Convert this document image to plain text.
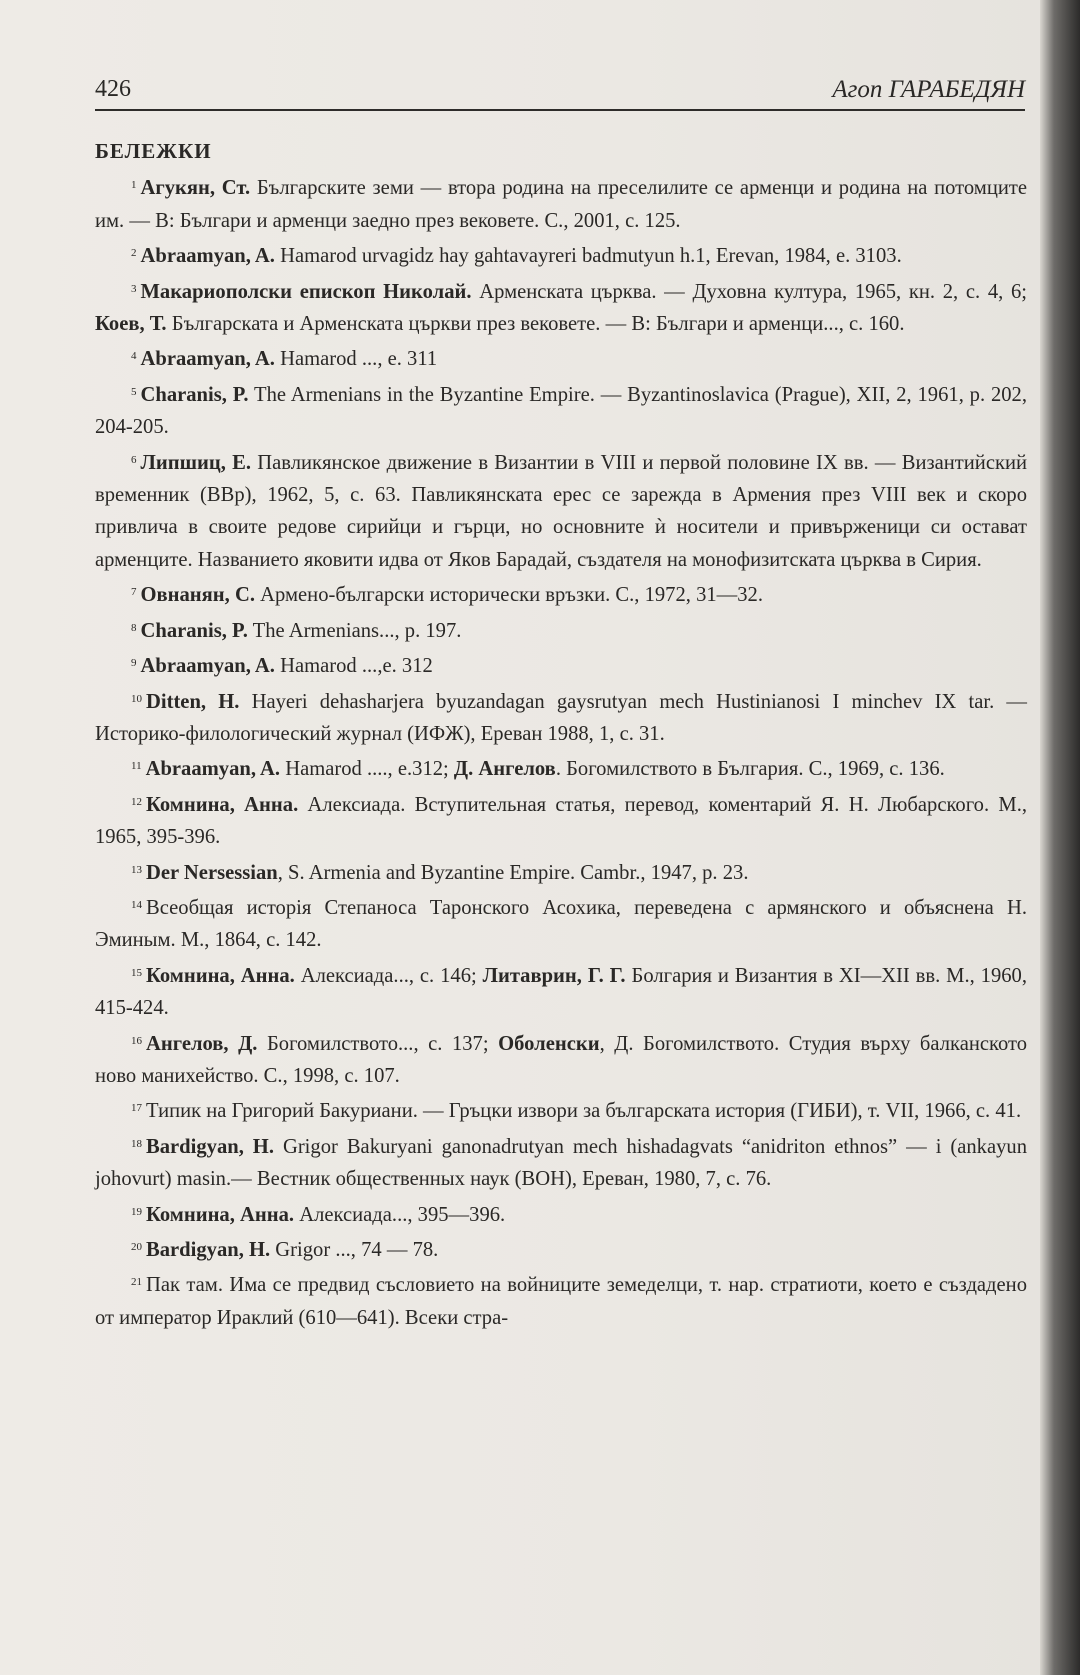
426	Агоп ГАРАБЕДЯН
БЕЛЕЖКИ

$^1$ Агукян, Ст. Българските земи — втора родина на преселилите се арменци и родина на потомците им. — В: Българи и арменци заедно през вековете. С., 2001, с. 125.

$^2$ Abraamyan, A. Hamarod urvagidz hay gahtavayreri badmutyun h.1, Erevan, 1984, e. 3103.

$^3$ Макариополски епископ Николай. Арменската църква. — Духовна култура, 1965, кн. 2, с. 4, 6; Коев, Т. Българската и Арменската църкви през вековете. — В: Българи и арменци..., с. 160.

$^4$ Abraamyan, A. Hamarod ..., e. 311

$^5$ Charanis, P. The Armenians in the Byzantine Empire. — Byzantinoslavica (Prague), XII, 2, 1961, p. 202, 204-205.

$^6$ Липшиц, Е. Павликянское движение в Византии в VIII и первой половине IX вв. — Византийский временник (ВВр), 1962, 5, с. 63. Павликянската ерес се зарежда в Армения през VIII век и скоро привлича в своите редове сирийци и гърци, но основните ѝ носители и привърженици си остават арменците. Названието яковити идва от Яков Барадай, създателя на монофизитската църква в Сирия.

$^7$ Овнанян, С. Армено-български исторически връзки. С., 1972, 31—32.

$^8$ Charanis, P. The Armenians..., p. 197.

$^9$ Abraamyan, A. Hamarod ...,e. 312

$^{10}$ Ditten, H. Hayeri dehasharjera byuzandagan gaysrutyan mech Hustinianosi I minchev IX tar. — Историко-филологический журнал (ИФЖ), Ереван 1988, 1, с. 31.

$^{11}$ Abraamyan, A. Hamarod ...., e.312; Д. Ангелов. Богомилството в България. С., 1969, с. 136.

$^{12}$ Комнина, Анна. Алексиада. Вступительная статья, перевод, коментарий Я. Н. Любарского. М., 1965, 395-396.

$^{13}$ Der Nersessian, S. Armenia and Byzantine Empire. Cambr., 1947, p. 23.

$^{14}$ Всеобщая исторія Степаноса Таронского Асохика, переведена с армянского и объяснена Н. Эминым. М., 1864, с. 142.

$^{15}$ Комнина, Анна. Алексиада..., с. 146; Литаврин, Г. Г. Болгария и Византия в XI—XII вв. М., 1960, 415-424.

$^{16}$ Ангелов, Д. Богомилството..., с. 137; Оболенски, Д. Богомилството. Студия върху балканското ново манихейство. С., 1998, с. 107.

$^{17}$ Типик на Григорий Бакуриани. — Гръцки извори за българската история (ГИБИ), т. VII, 1966, с. 41.

$^{18}$ Bardigyan, H. Grigor Bakuryani ganonadrutyan mech hishadagvats “anidriton ethnos” — i (ankayun johovurt) masin.— Вестник общественных наук (ВОН), Ереван, 1980, 7, с. 76.

$^{19}$ Комнина, Анна. Алексиада..., 395—396.

$^{20}$ Bardigyan, H. Grigor ..., 74 — 78.

$^{21}$ Пак там. Има се предвид съсловието на войниците земеделци, т. нар. стратиоти, което е създадено от император Ираклий (610—641). Всеки стра-
